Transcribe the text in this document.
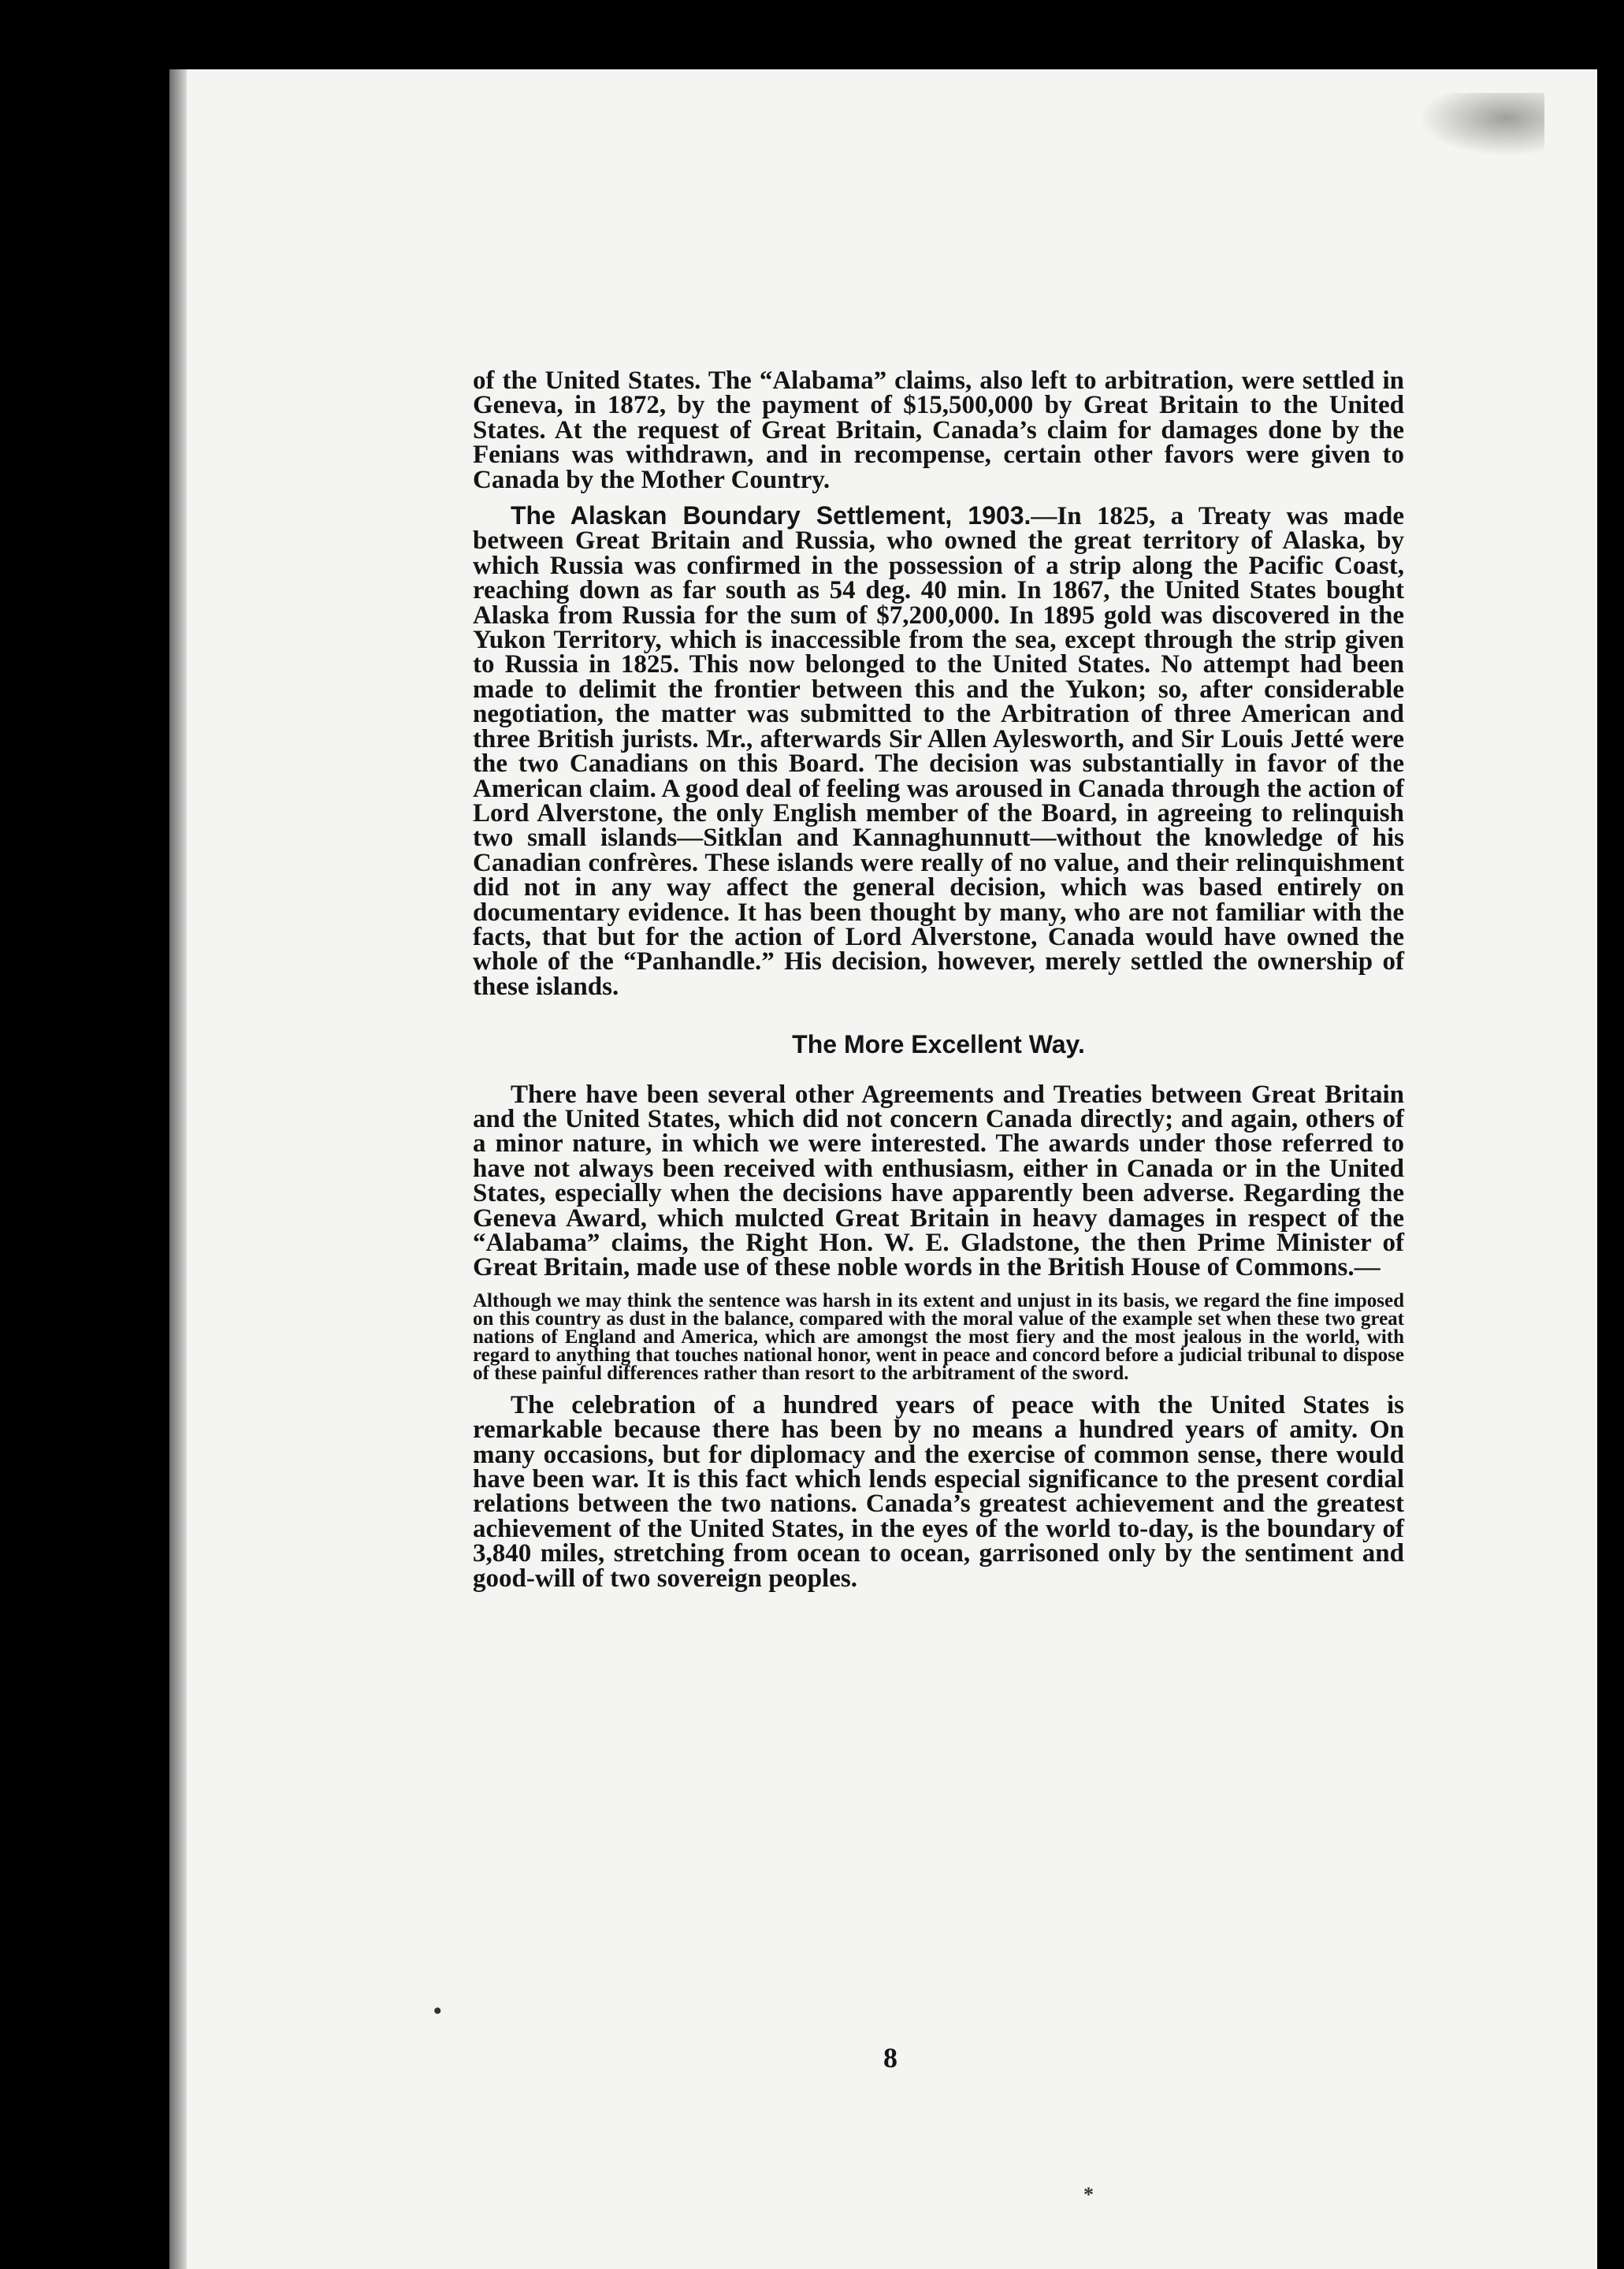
of the United States. The “Alabama” claims, also left to arbitration, were settled in Geneva, in 1872, by the payment of $15,500,000 by Great Britain to the United States. At the request of Great Britain, Canada’s claim for damages done by the Fenians was withdrawn, and in recompense, certain other favors were given to Canada by the Mother Country.

The Alaskan Boundary Settlement, 1903.—In 1825, a Treaty was made between Great Britain and Russia, who owned the great territory of Alaska, by which Russia was confirmed in the possession of a strip along the Pacific Coast, reaching down as far south as 54 deg. 40 min. In 1867, the United States bought Alaska from Russia for the sum of $7,200,000. In 1895 gold was discovered in the Yukon Territory, which is inaccessible from the sea, except through the strip given to Russia in 1825. This now belonged to the United States. No attempt had been made to delimit the frontier between this and the Yukon; so, after considerable negotiation, the matter was submitted to the Arbitration of three American and three British jurists. Mr., afterwards Sir Allen Aylesworth, and Sir Louis Jetté were the two Canadians on this Board. The decision was substantially in favor of the American claim. A good deal of feeling was aroused in Canada through the action of Lord Alverstone, the only English member of the Board, in agreeing to relinquish two small islands—Sitklan and Kannaghunnutt—without the knowledge of his Canadian confrères. These islands were really of no value, and their relinquishment did not in any way affect the general decision, which was based entirely on documentary evidence. It has been thought by many, who are not familiar with the facts, that but for the action of Lord Alverstone, Canada would have owned the whole of the “Panhandle.” His decision, however, merely settled the ownership of these islands.

The More Excellent Way.

There have been several other Agreements and Treaties between Great Britain and the United States, which did not concern Canada directly; and again, others of a minor nature, in which we were interested. The awards under those referred to have not always been received with enthusiasm, either in Canada or in the United States, especially when the decisions have apparently been adverse. Regarding the Geneva Award, which mulcted Great Britain in heavy damages in respect of the “Alabama” claims, the Right Hon. W. E. Gladstone, the then Prime Minister of Great Britain, made use of these noble words in the British House of Commons.—

Although we may think the sentence was harsh in its extent and unjust in its basis, we regard the fine imposed on this country as dust in the balance, compared with the moral value of the example set when these two great nations of England and America, which are amongst the most fiery and the most jealous in the world, with regard to anything that touches national honor, went in peace and concord before a judicial tribunal to dispose of these painful differences rather than resort to the arbitrament of the sword.

The celebration of a hundred years of peace with the United States is remarkable because there has been by no means a hundred years of amity. On many occasions, but for diplomacy and the exercise of common sense, there would have been war. It is this fact which lends especial significance to the present cordial relations between the two nations. Canada’s greatest achievement and the greatest achievement of the United States, in the eyes of the world to-day, is the boundary of 3,840 miles, stretching from ocean to ocean, garrisoned only by the sentiment and good-will of two sovereign peoples.

8
•
*
